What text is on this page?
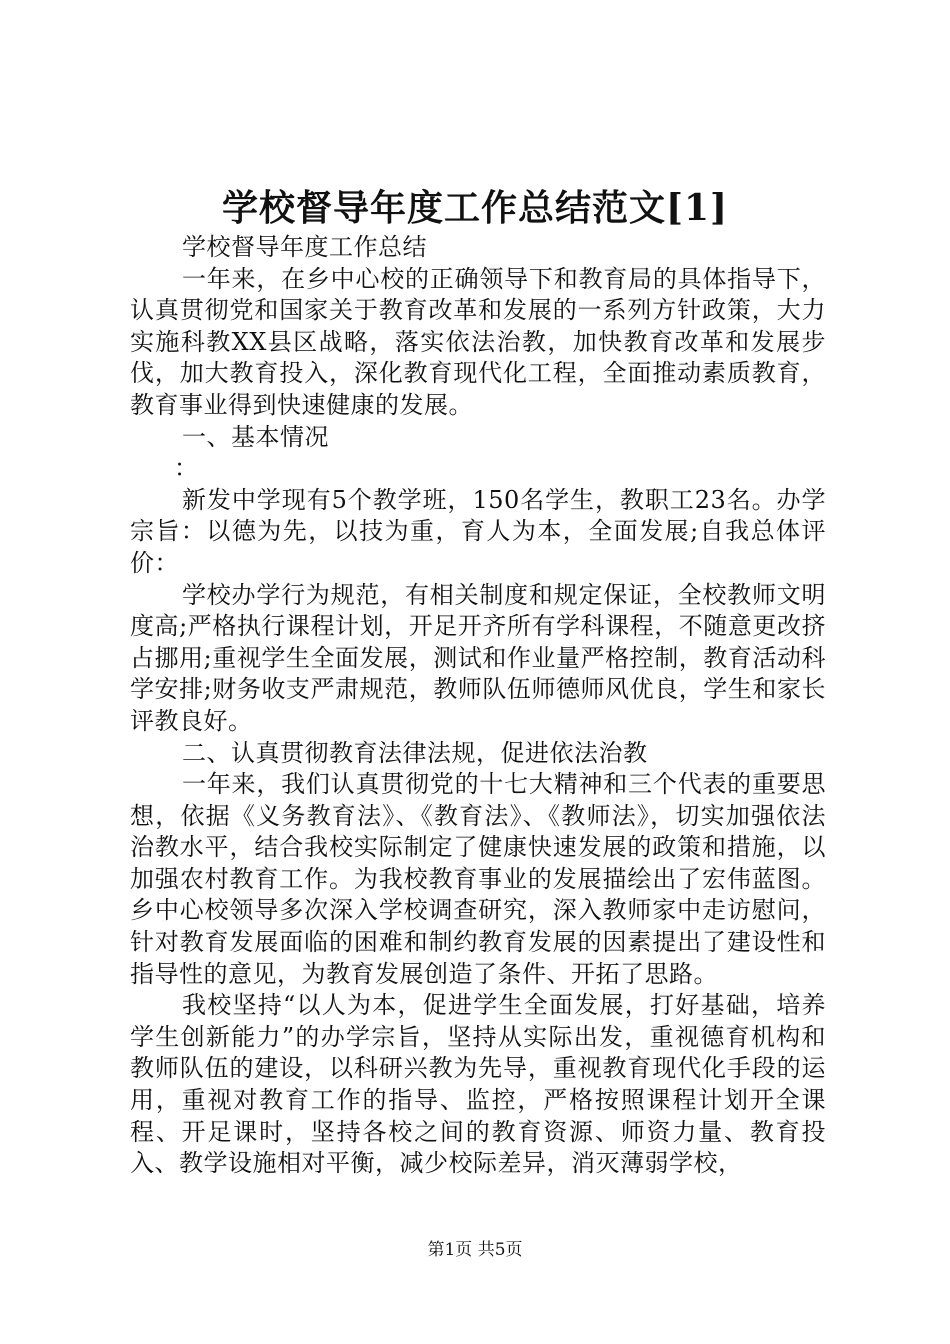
学校督导年度工作总结范文[1]

学校督导年度工作总结

一年来，在乡中心校的正确领导下和教育局的具体指导下，认真贯彻党和国家关于教育改革和发展的一系列方针政策，大力实施科教XX县区战略，落实依法治教，加快教育改革和发展步伐，加大教育投入，深化教育现代化工程，全面推动素质教育，教育事业得到快速健康的发展。

一、基本情况

：

新发中学现有5个教学班，150名学生，教职工23名。办学宗旨：以德为先，以技为重，育人为本，全面发展;自我总体评价：

学校办学行为规范，有相关制度和规定保证，全校教师文明度高;严格执行课程计划，开足开齐所有学科课程，不随意更改挤占挪用;重视学生全面发展，测试和作业量严格控制，教育活动科学安排;财务收支严肃规范，教师队伍师德师风优良，学生和家长评教良好。

二、认真贯彻教育法律法规，促进依法治教

一年来，我们认真贯彻党的十七大精神和三个代表的重要思想，依据《义务教育法》、《教育法》、《教师法》，切实加强依法治教水平，结合我校实际制定了健康快速发展的政策和措施，以加强农村教育工作。为我校教育事业的发展描绘出了宏伟蓝图。乡中心校领导多次深入学校调查研究，深入教师家中走访慰问，针对教育发展面临的困难和制约教育发展的因素提出了建设性和指导性的意见，为教育发展创造了条件、开拓了思路。

我校坚持“以人为本，促进学生全面发展，打好基础，培养学生创新能力”的办学宗旨，坚持从实际出发，重视德育机构和教师队伍的建设，以科研兴教为先导，重视教育现代化手段的运用，重视对教育工作的指导、监控，严格按照课程计划开全课程、开足课时，坚持各校之间的教育资源、师资力量、教育投入、教学设施相对平衡，减少校际差异，消灭薄弱学校，

第1页 共5页
